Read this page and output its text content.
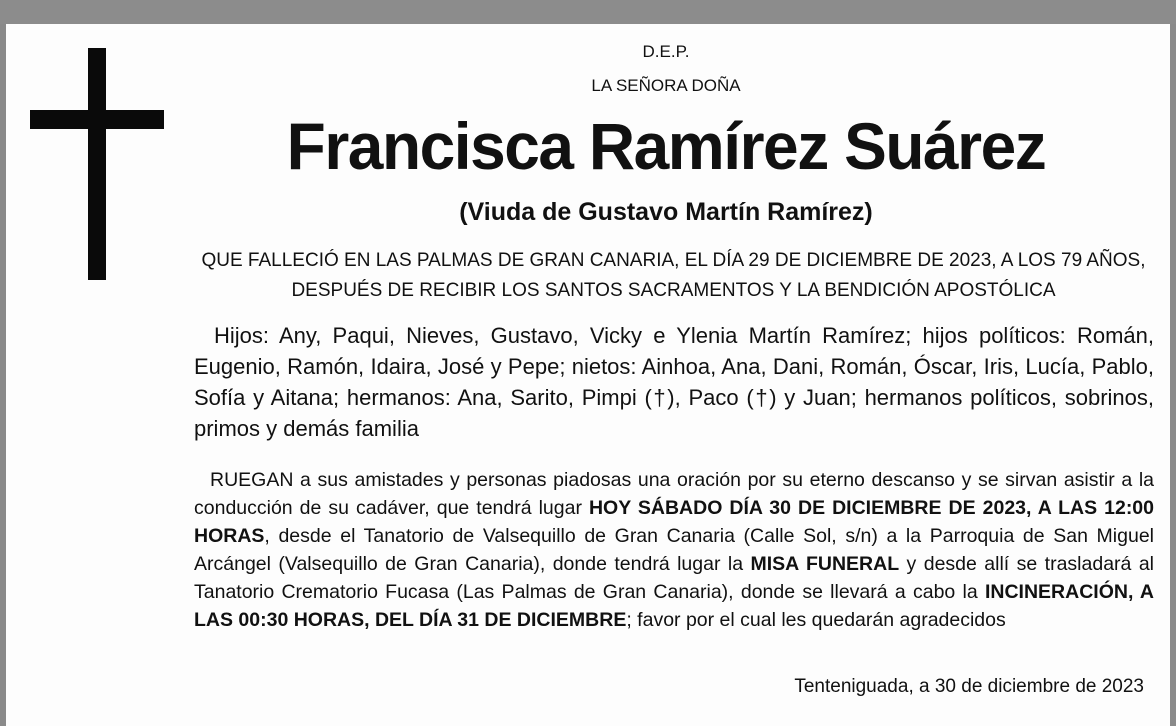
D.E.P.
LA SEÑORA DOÑA
Francisca Ramírez Suárez
(Viuda de Gustavo Martín Ramírez)
QUE FALLECIÓ EN LAS PALMAS DE GRAN CANARIA, EL DÍA 29 DE DICIEMBRE DE 2023, A LOS 79 AÑOS, DESPUÉS DE RECIBIR LOS SANTOS SACRAMENTOS Y LA BENDICIÓN APOSTÓLICA
Hijos: Any, Paqui, Nieves, Gustavo, Vicky e Ylenia Martín Ramírez; hijos políticos: Román, Eugenio, Ramón, Idaira, José y Pepe; nietos: Ainhoa, Ana, Dani, Román, Óscar, Iris, Lucía, Pablo, Sofía y Aitana; hermanos: Ana, Sarito, Pimpi (†), Paco (†) y Juan; hermanos políticos, sobrinos, primos y demás familia
RUEGAN a sus amistades y personas piadosas una oración por su eterno descanso y se sirvan asistir a la conducción de su cadáver, que tendrá lugar HOY SÁBADO DÍA 30 DE DICIEMBRE DE 2023, A LAS 12:00 HORAS, desde el Tanatorio de Valsequillo de Gran Canaria (Calle Sol, s/n) a la Parroquia de San Miguel Arcángel (Valsequillo de Gran Canaria), donde tendrá lugar la MISA FUNERAL y desde allí se trasladará al Tanatorio Crematorio Fucasa (Las Palmas de Gran Canaria), donde se llevará a cabo la INCINERACIÓN, A LAS 00:30 HORAS, DEL DÍA 31 DE DICIEMBRE; favor por el cual les quedarán agradecidos
Tenteniguada, a 30 de diciembre de 2023
